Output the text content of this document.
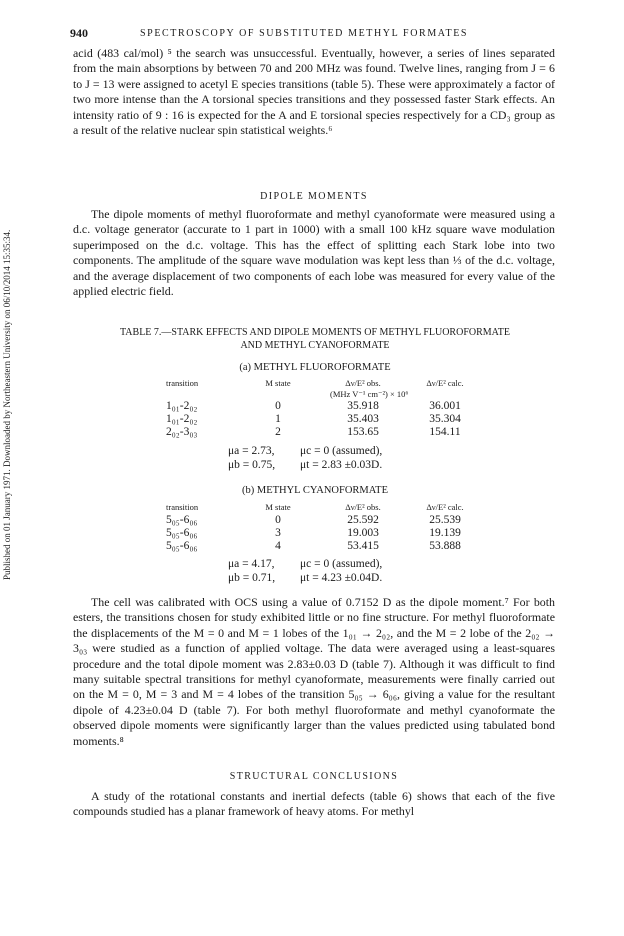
Published on 01 January 1971. Downloaded by Northeastern University on 06/10/2014 15:35:34.
940	SPECTROSCOPY OF SUBSTITUTED METHYL FORMATES

acid (483 cal/mol) ⁵ the search was unsuccessful. Eventually, however, a series of lines separated from the main absorptions by between 70 and 200 MHz was found. Twelve lines, ranging from J = 6 to J = 13 were assigned to acetyl E species transitions (table 5). These were approximately a factor of two more intense than the A torsional species transitions and they possessed faster Stark effects. An intensity ratio of 9 : 16 is expected for the A and E torsional species respectively for a CD₃ group as a result of the relative nuclear spin statistical weights.⁶

DIPOLE MOMENTS

The dipole moments of methyl fluoroformate and methyl cyanoformate were measured using a d.c. voltage generator (accurate to 1 part in 1000) with a small 100 kHz square wave modulation superimposed on the d.c. voltage. This has the effect of splitting each Stark lobe into two components. The amplitude of the square wave modulation was kept less than ⅓ of the d.c. voltage, and the average displacement of two components of each lobe was measured for every value of the applied electric field.

TABLE 7.—STARK EFFECTS AND DIPOLE MOMENTS OF METHYL FLUOROFORMATE
AND METHYL CYANOFORMATE
(a) METHYL FLUOROFORMATE
transition	M state	Δν/E² obs.	Δν/E² calc.
(MHz V⁻¹ cm⁻²) × 10⁶
1₀₁-2₀₂	0	35.918	36.001
1₀₁-2₀₂	1	35.403	35.304
2₀₂-3₀₃	2	153.65	154.11
μa = 2.73, μc = 0 (assumed),
μb = 0.75, μt = 2.83 ±0.03D.
(b) METHYL CYANOFORMATE
transition	M state	Δν/E² obs.	Δν/E² calc.
5₀₅-6₀₆	0	25.592	25.539
5₀₅-6₀₆	3	19.003	19.139
5₀₅-6₀₆	4	53.415	53.888
μa = 4.17, μc = 0 (assumed),
μb = 0.71, μt = 4.23 ±0.04D.

The cell was calibrated with OCS using a value of 0.7152 D as the dipole moment.⁷ For both esters, the transitions chosen for study exhibited little or no fine structure. For methyl fluoroformate the displacements of the M = 0 and M = 1 lobes of the 1₀₁ → 2₀₂, and the M = 2 lobe of the 2₀₂ → 3₀₃ were studied as a function of applied voltage. The data were averaged using a least-squares procedure and the total dipole moment was 2.83±0.03 D (table 7). Although it was difficult to find many suitable spectral transitions for methyl cyanoformate, measurements were finally carried out on the M = 0, M = 3 and M = 4 lobes of the transition 5₀₅ → 6₀₆, giving a value for the resultant dipole of 4.23±0.04 D (table 7). For both methyl fluoroformate and methyl cyanoformate the observed dipole moments were significantly larger than the values predicted using tabulated bond moments.⁸

STRUCTURAL CONCLUSIONS

A study of the rotational constants and inertial defects (table 6) shows that each of the five compounds studied has a planar framework of heavy atoms. For methyl
